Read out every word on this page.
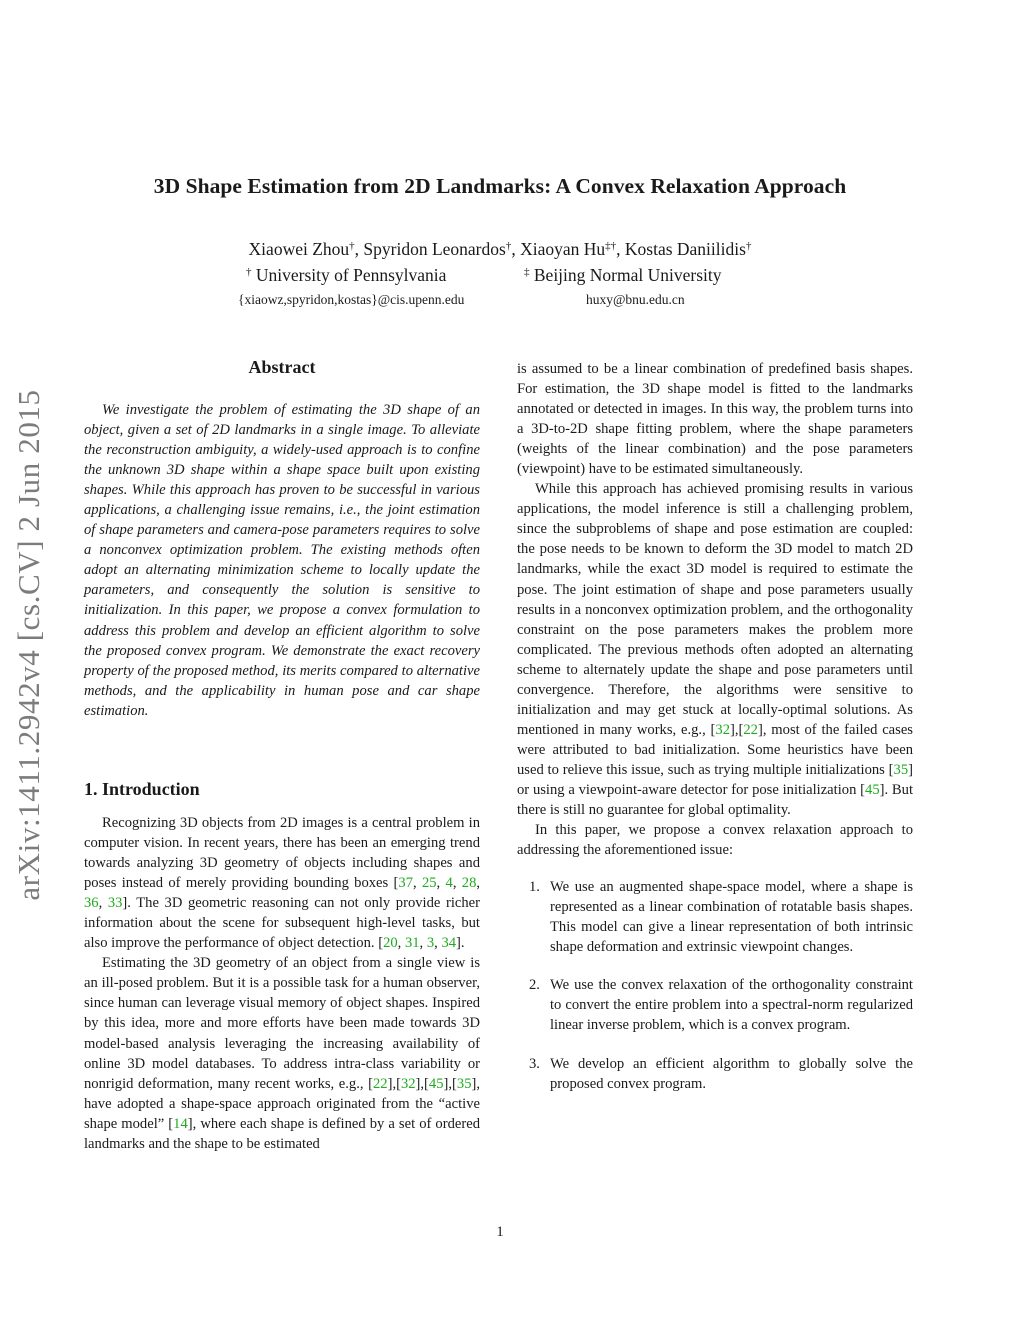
arXiv:1411.2942v4 [cs.CV] 2 Jun 2015
3D Shape Estimation from 2D Landmarks: A Convex Relaxation Approach
Xiaowei Zhou†, Spyridon Leonardos†, Xiaoyan Hu‡†, Kostas Daniilidis†
† University of Pennsylvania	‡ Beijing Normal University
{xiaowz,spyridon,kostas}@cis.upenn.edu	huxy@bnu.edu.cn
Abstract

We investigate the problem of estimating the 3D shape of an object, given a set of 2D landmarks in a single image. To alleviate the reconstruction ambiguity, a widely-used approach is to confine the unknown 3D shape within a shape space built upon existing shapes. While this approach has proven to be successful in various applications, a challenging issue remains, i.e., the joint estimation of shape parameters and camera-pose parameters requires to solve a nonconvex optimization problem. The existing methods often adopt an alternating minimization scheme to locally update the parameters, and consequently the solution is sensitive to initialization. In this paper, we propose a convex formulation to address this problem and develop an efficient algorithm to solve the proposed convex program. We demonstrate the exact recovery property of the proposed method, its merits compared to alternative methods, and the applicability in human pose and car shape estimation.

1. Introduction

Recognizing 3D objects from 2D images is a central problem in computer vision. In recent years, there has been an emerging trend towards analyzing 3D geometry of objects including shapes and poses instead of merely providing bounding boxes [37, 25, 4, 28, 36, 33]. The 3D geometric reasoning can not only provide richer information about the scene for subsequent high-level tasks, but also improve the performance of object detection. [20, 31, 3, 34].

Estimating the 3D geometry of an object from a single view is an ill-posed problem. But it is a possible task for a human observer, since human can leverage visual memory of object shapes. Inspired by this idea, more and more efforts have been made towards 3D model-based analysis leveraging the increasing availability of online 3D model databases. To address intra-class variability or nonrigid deformation, many recent works, e.g., [22],[32],[45],[35], have adopted a shape-space approach originated from the “active shape model” [14], where each shape is defined by a set of ordered landmarks and the shape to be estimated

is assumed to be a linear combination of predefined basis shapes. For estimation, the 3D shape model is fitted to the landmarks annotated or detected in images. In this way, the problem turns into a 3D-to-2D shape fitting problem, where the shape parameters (weights of the linear combination) and the pose parameters (viewpoint) have to be estimated simultaneously.

While this approach has achieved promising results in various applications, the model inference is still a challenging problem, since the subproblems of shape and pose estimation are coupled: the pose needs to be known to deform the 3D model to match 2D landmarks, while the exact 3D model is required to estimate the pose. The joint estimation of shape and pose parameters usually results in a nonconvex optimization problem, and the orthogonality constraint on the pose parameters makes the problem more complicated. The previous methods often adopted an alternating scheme to alternately update the shape and pose parameters until convergence. Therefore, the algorithms were sensitive to initialization and may get stuck at locally-optimal solutions. As mentioned in many works, e.g., [32],[22], most of the failed cases were attributed to bad initialization. Some heuristics have been used to relieve this issue, such as trying multiple initializations [35] or using a viewpoint-aware detector for pose initialization [45]. But there is still no guarantee for global optimality.

In this paper, we propose a convex relaxation approach to addressing the aforementioned issue:

1. We use an augmented shape-space model, where a shape is represented as a linear combination of rotatable basis shapes. This model can give a linear representation of both intrinsic shape deformation and extrinsic viewpoint changes.
2. We use the convex relaxation of the orthogonality constraint to convert the entire problem into a spectral-norm regularized linear inverse problem, which is a convex program.
3. We develop an efficient algorithm to globally solve the proposed convex program.
1
